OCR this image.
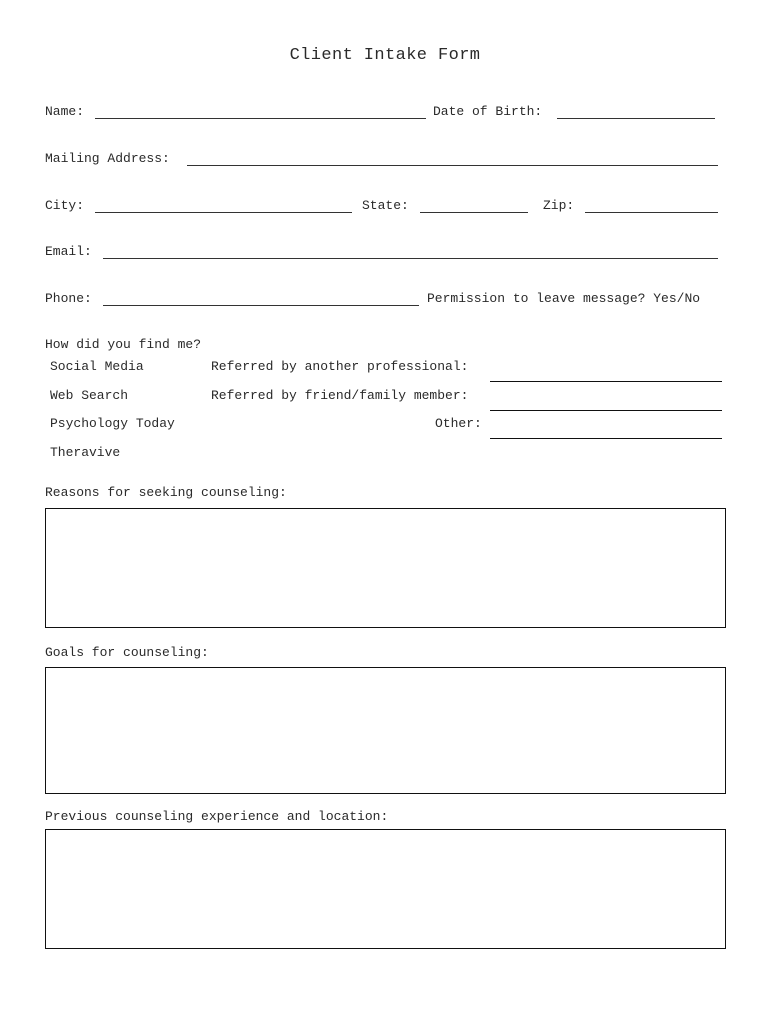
Client Intake Form
Name:	Date of Birth:
Mailing Address:
City:	State:	Zip:
Email:
Phone:	Permission to leave message? Yes/No
How did you find me?
Social Media
Web Search
Psychology Today
Theravive
Referred by another professional:
Referred by friend/family member:
Other:
Reasons for seeking counseling:
Goals for counseling:
Previous counseling experience and location:
